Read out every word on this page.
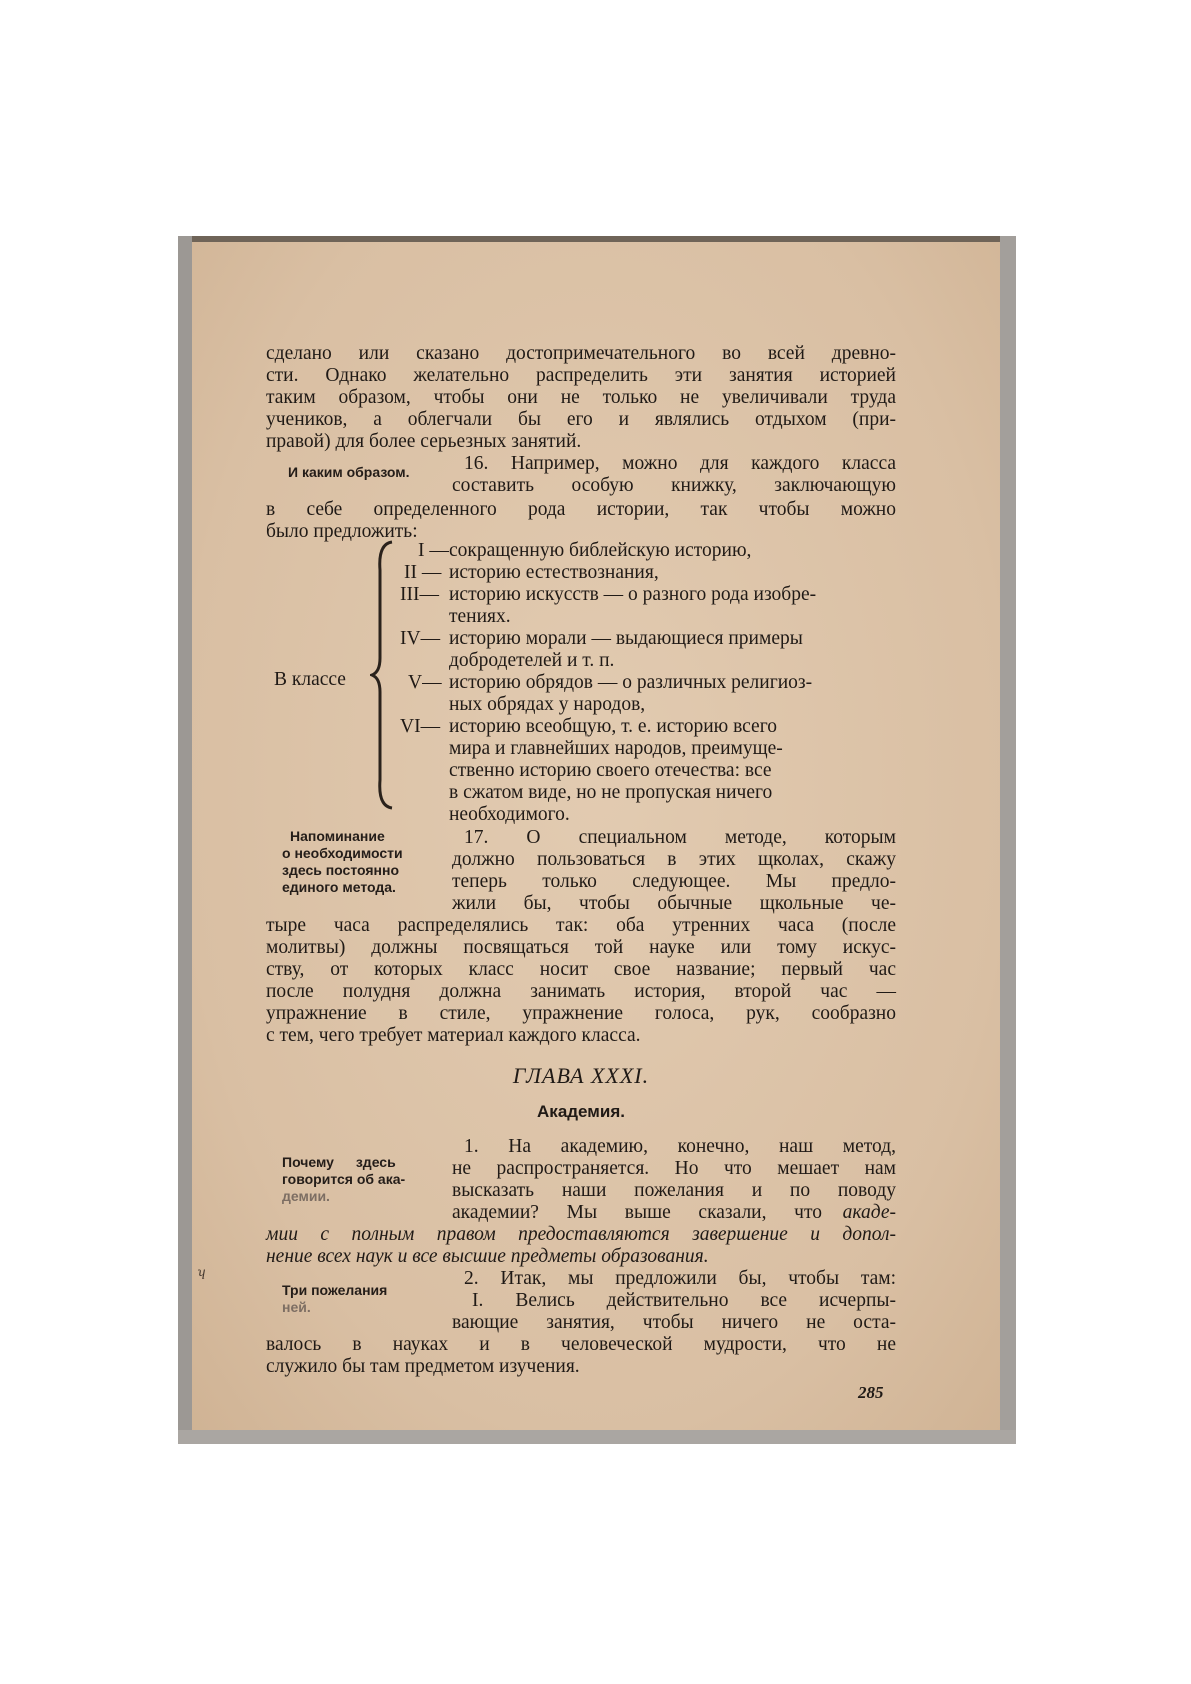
сделано или сказано достопримечательного во всей древно-
сти. Однако желательно распределить эти занятия историей
таким образом, чтобы они не только не увеличивали труда
учеников, а облегчали бы его и являлись отдыхом (при-
правой) для более серьезных занятий.
И каким образом.	16. Например, можно для каждого класса
составить особую книжку, заключающую
в себе определенного рода истории, так чтобы можно
было предложить:
В классе
I — сокращенную библейскую историю,
II — историю естествознания,
III— историю искусств — о разного рода изобре-
тениях.
IV— историю морали — выдающиеся примеры
добродетелей и т. п.
V— историю обрядов — о различных религиоз-
ных обрядах у народов,
VI— историю всеобщую, т. е. историю всего
мира и главнейших народов, преимуще-
ственно историю своего отечества: все
в сжатом виде, но не пропуская ничего
необходимого.
Напоминание
о необходимости
здесь постоянно
единого метода.
17. О специальном методе, которым
должно пользоваться в этих щколах, скажу
теперь только следующее. Мы предло-
жили бы, чтобы обычные щкольные че-
тыре часа распределялись так: оба утренних часа (после
молитвы) должны посвящаться той науке или тому искус-
ству, от которых класс носит свое название; первый час
после полудня должна занимать история, второй час —
упражнение в стиле, упражнение голоса, рук, сообразно
с тем, чего требует материал каждого класса.
ГЛАВА XXXI.
Академия.
Почему здесь
говорится об ака-
демии.
1. На академию, конечно, наш метод,
не распространяется. Но что мешает нам
высказать наши пожелания и по поводу
академии? Мы выше сказали, что	акаде-
мии с полным правом предоставляются завершение и допол-
нение всех наук и все высшие предметы образования.
ʮ
Три пожелания
ней.
2. Итак, мы предложили бы, чтобы там:
I. Велись действительно все исчерпы-
вающие занятия, чтобы ничего не оста-
валось в науках и в человеческой мудрости, что не
служило бы там предметом изучения.
285
